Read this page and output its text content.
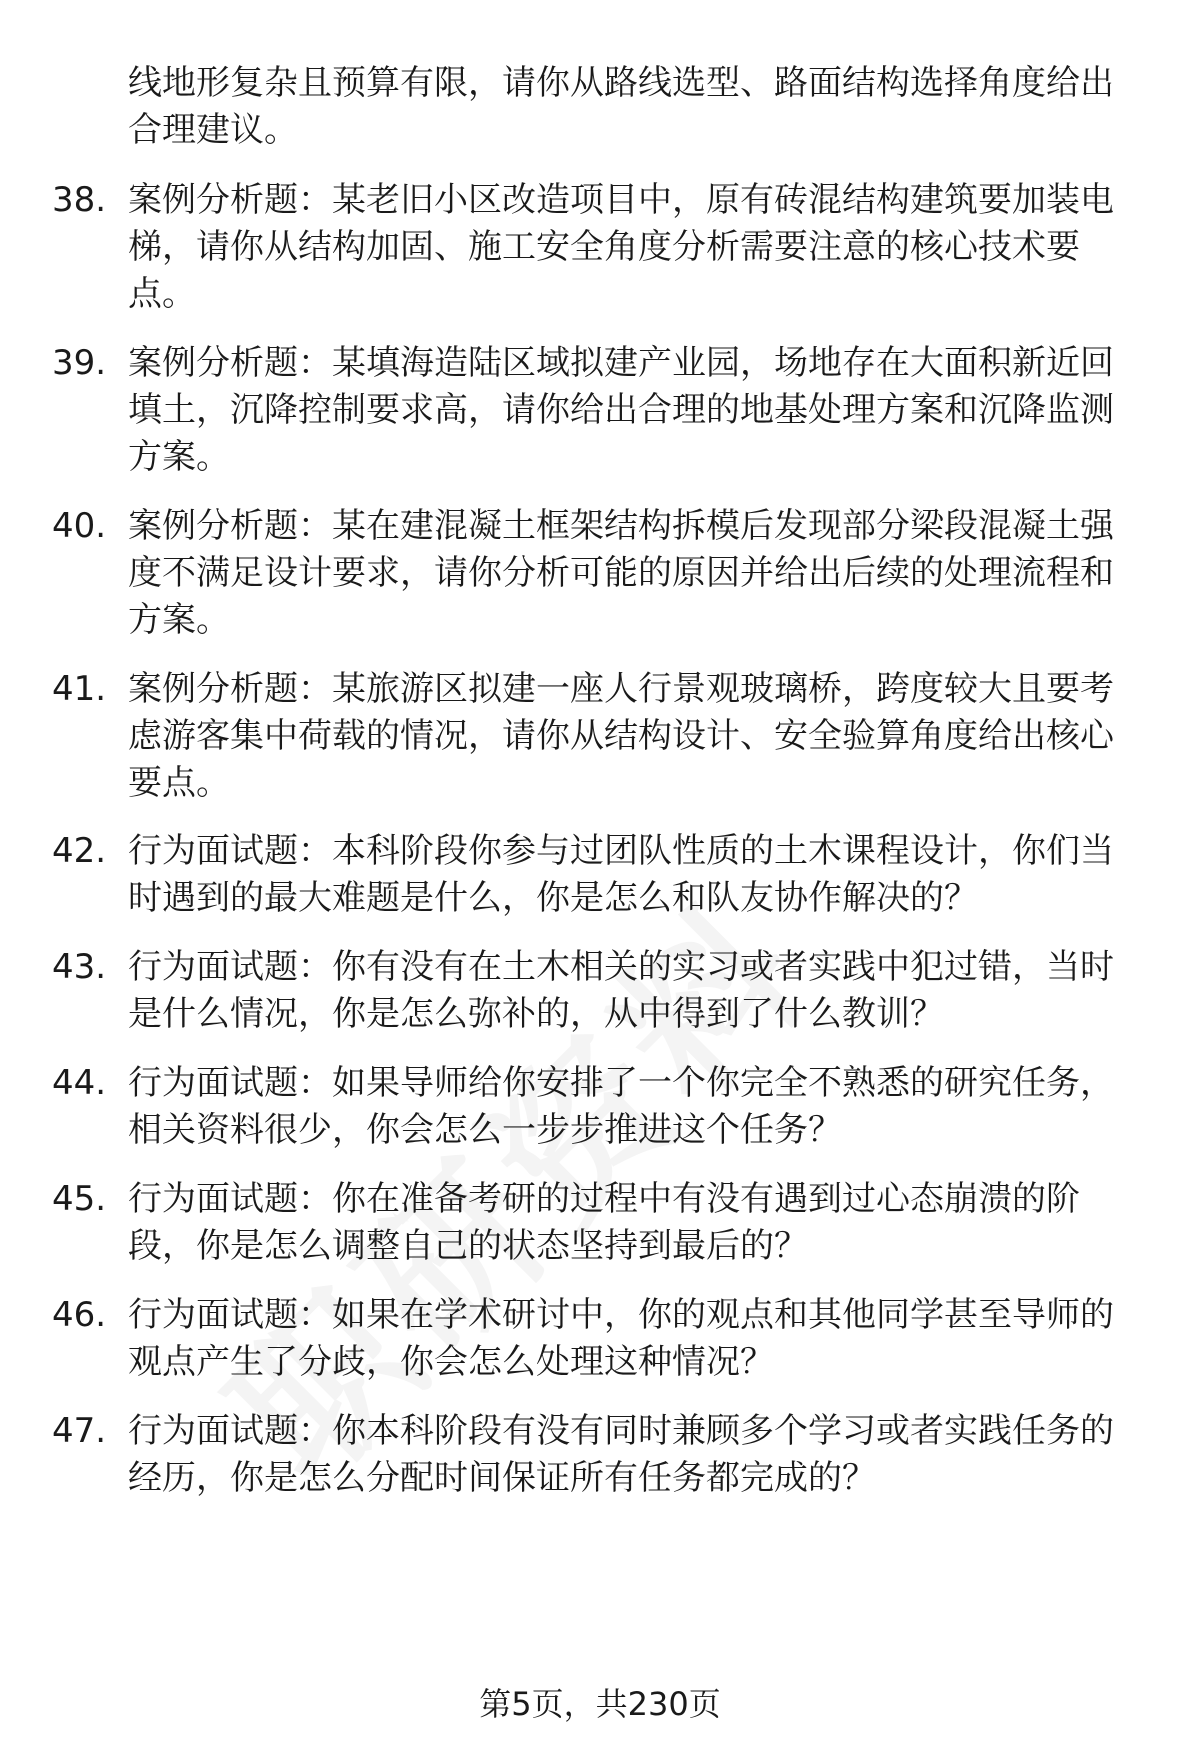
线地形复杂且预算有限，请你从路线选型、路面结构选择角度给出合理建议。

38. 案例分析题：某老旧小区改造项目中，原有砖混结构建筑要加装电梯，请你从结构加固、施工安全角度分析需要注意的核心技术要点。

39. 案例分析题：某填海造陆区域拟建产业园，场地存在大面积新近回填土，沉降控制要求高，请你给出合理的地基处理方案和沉降监测方案。

40. 案例分析题：某在建混凝土框架结构拆模后发现部分梁段混凝土强度不满足设计要求，请你分析可能的原因并给出后续的处理流程和方案。

41. 案例分析题：某旅游区拟建一座人行景观玻璃桥，跨度较大且要考虑游客集中荷载的情况，请你从结构设计、安全验算角度给出核心要点。

42. 行为面试题：本科阶段你参与过团队性质的土木课程设计，你们当时遇到的最大难题是什么，你是怎么和队友协作解决的？

43. 行为面试题：你有没有在土木相关的实习或者实践中犯过错，当时是什么情况，你是怎么弥补的，从中得到了什么教训？

44. 行为面试题：如果导师给你安排了一个你完全不熟悉的研究任务，相关资料很少，你会怎么一步步推进这个任务？

45. 行为面试题：你在准备考研的过程中有没有遇到过心态崩溃的阶段，你是怎么调整自己的状态坚持到最后的？

46. 行为面试题：如果在学术研讨中，你的观点和其他同学甚至导师的观点产生了分歧，你会怎么处理这种情况？

47. 行为面试题：你本科阶段有没有同时兼顾多个学习或者实践任务的经历，你是怎么分配时间保证所有任务都完成的？

第5页，共230页
